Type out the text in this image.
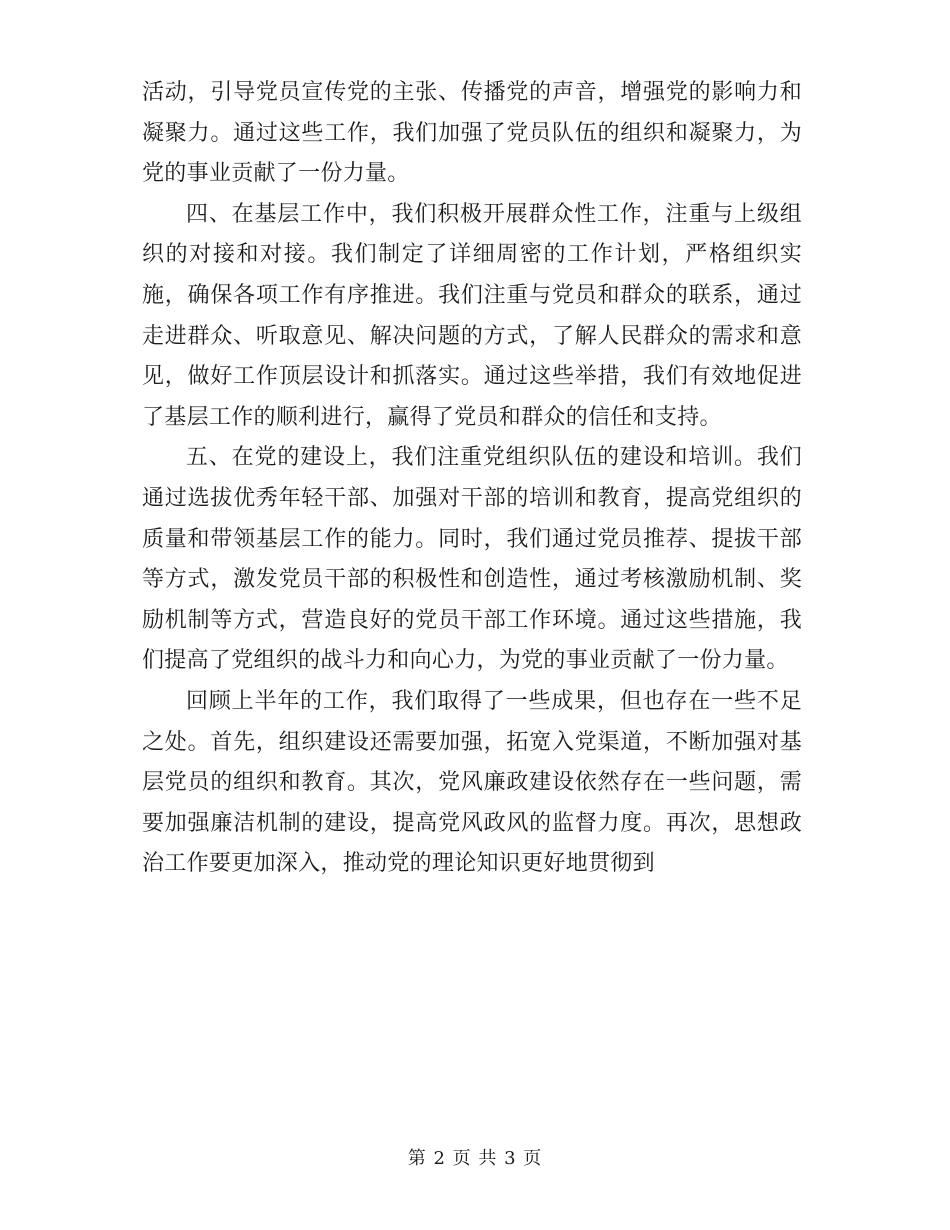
活动，引导党员宣传党的主张、传播党的声音，增强党的影响力和凝聚力。通过这些工作，我们加强了党员队伍的组织和凝聚力，为党的事业贡献了一份力量。

四、在基层工作中，我们积极开展群众性工作，注重与上级组织的对接和对接。我们制定了详细周密的工作计划，严格组织实施，确保各项工作有序推进。我们注重与党员和群众的联系，通过走进群众、听取意见、解决问题的方式，了解人民群众的需求和意见，做好工作顶层设计和抓落实。通过这些举措，我们有效地促进了基层工作的顺利进行，赢得了党员和群众的信任和支持。

五、在党的建设上，我们注重党组织队伍的建设和培训。我们通过选拔优秀年轻干部、加强对干部的培训和教育，提高党组织的质量和带领基层工作的能力。同时，我们通过党员推荐、提拔干部等方式，激发党员干部的积极性和创造性，通过考核激励机制、奖励机制等方式，营造良好的党员干部工作环境。通过这些措施，我们提高了党组织的战斗力和向心力，为党的事业贡献了一份力量。

回顾上半年的工作，我们取得了一些成果，但也存在一些不足之处。首先，组织建设还需要加强，拓宽入党渠道，不断加强对基层党员的组织和教育。其次，党风廉政建设依然存在一些问题，需要加强廉洁机制的建设，提高党风政风的监督力度。再次，思想政治工作要更加深入，推动党的理论知识更好地贯彻到

第 2 页 共 3 页
